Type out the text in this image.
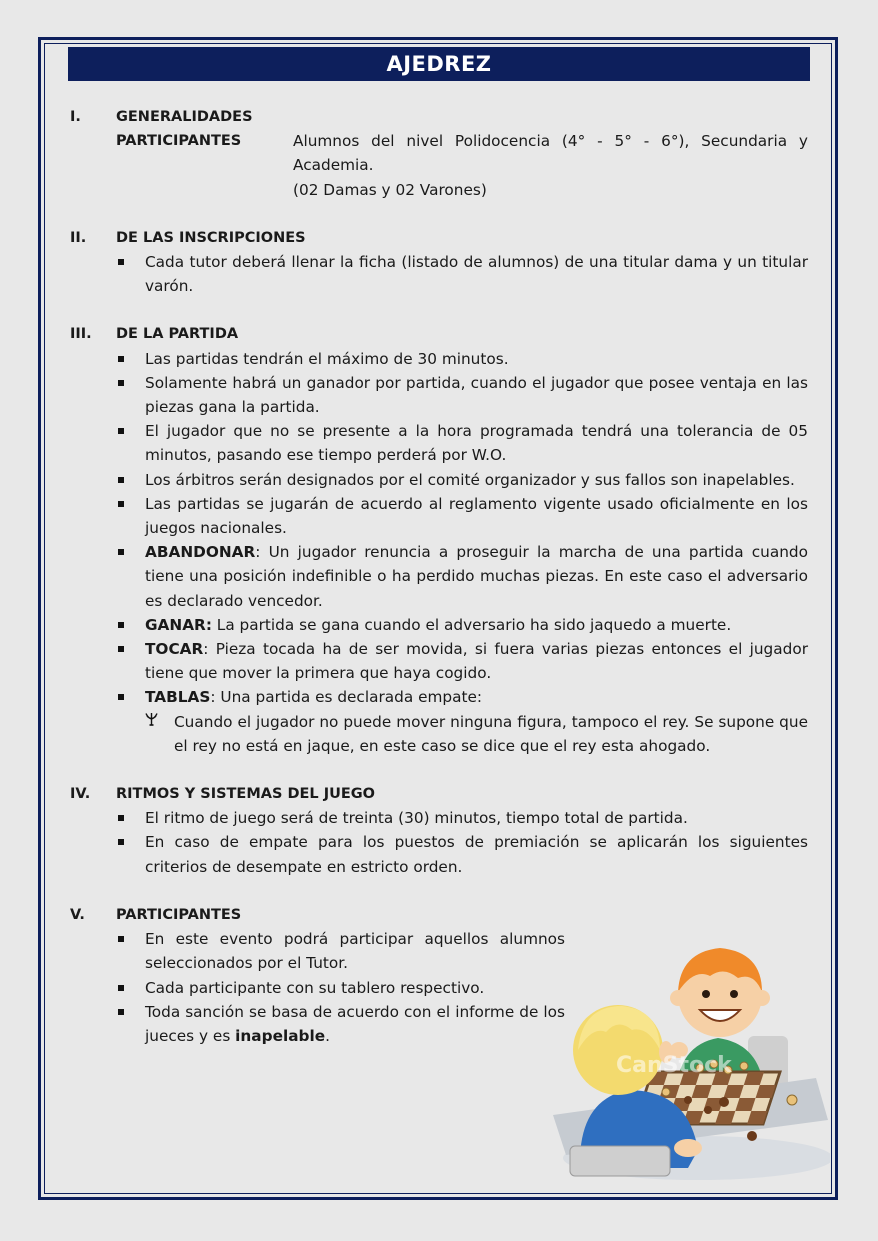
AJEDREZ
I.	GENERALIDADES
PARTICIPANTES	Alumnos del nivel Polidocencia (4° - 5° - 6°), Secundaria y Academia.
(02 Damas y 02 Varones)
II.	DE LAS INSCRIPCIONES
Cada tutor deberá llenar la ficha (listado de alumnos) de una titular dama y un titular varón.
III.	DE LA PARTIDA
Las partidas tendrán el máximo de 30 minutos.
Solamente habrá un ganador por partida, cuando el jugador que posee ventaja en las piezas gana la partida.
El jugador que no se presente a la hora programada tendrá una tolerancia de 05 minutos, pasando ese tiempo perderá por W.O.
Los árbitros serán designados por el comité organizador y sus fallos son inapelables.
Las partidas se jugarán de acuerdo al reglamento vigente usado oficialmente en los juegos nacionales.
ABANDONAR: Un jugador renuncia a proseguir la marcha de una partida cuando tiene una posición indefinible o ha perdido muchas piezas. En este caso el adversario es declarado vencedor.
GANAR: La partida se gana cuando el adversario ha sido jaquedo a muerte.
TOCAR: Pieza tocada ha de ser movida, si fuera varias piezas entonces el jugador tiene que mover la primera que haya cogido.
TABLAS: Una partida es declarada empate:
Cuando el jugador no puede mover ninguna figura, tampoco el rey. Se supone que el rey no está en jaque, en este caso se dice que el rey esta ahogado.
IV.	RITMOS Y SISTEMAS DEL JUEGO
El ritmo de juego será de treinta (30) minutos, tiempo total de partida.
En caso de empate para los puestos de premiación se aplicarán los siguientes criterios de desempate en estricto orden.
V.	PARTICIPANTES
En este evento podrá participar aquellos alumnos seleccionados por el Tutor.
Cada participante con su tablero respectivo.
Toda sanción se basa de acuerdo con el informe de los jueces y es inapelable.
CanStock
